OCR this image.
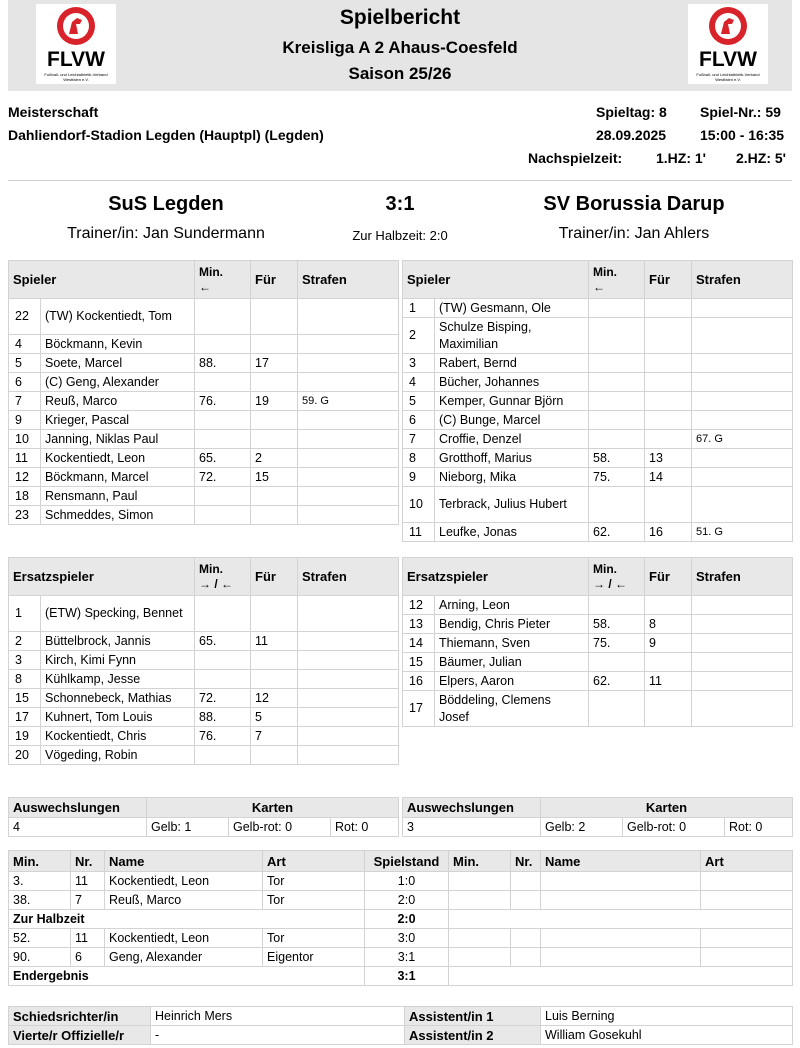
FLVW
Fußball- und Leichtathletik-Verband
Westfalen e.V.
Spielbericht
Kreisliga A 2 Ahaus-Coesfeld
Saison 25/26
FLVW
Fußball- und Leichtathletik-Verband
Westfalen e.V.
Meisterschaft
Dahliendorf-Stadion Legden (Hauptpl) (Legden)
Spieltag: 8 Spiel-Nr.: 59
28.09.2025 15:00 - 16:35
Nachspielzeit: 1.HZ: 1' 2.HZ: 5'
SuS Legden	3:1	SV Borussia Darup
Trainer/in: Jan Sundermann	Zur Halbzeit: 2:0	Trainer/in: Jan Ahlers
Spieler		Min.
←	Für	Strafen
22	(TW) Kockentiedt, Tom			
4	Böckmann, Kevin			
5	Soete, Marcel	88.	17	
6	(C) Geng, Alexander			
7	Reuß, Marco	76.	19	59. G
9	Krieger, Pascal			
10	Janning, Niklas Paul			
11	Kockentiedt, Leon	65.	2	
12	Böckmann, Marcel	72.	15	
18	Rensmann, Paul			
23	Schmeddes, Simon			
Spieler		Min.
←	Für	Strafen
1	(TW) Gesmann, Ole			
2	Schulze Bisping, Maximilian			
3	Rabert, Bernd			
4	Bücher, Johannes			
5	Kemper, Gunnar Björn			
6	(C) Bunge, Marcel			
7	Croffie, Denzel			67. G
8	Grotthoff, Marius	58.	13	
9	Nieborg, Mika	75.	14	
10	Terbrack, Julius Hubert			
11	Leufke, Jonas	62.	16	51. G
Ersatzspieler		Min.
→ / ←	Für	Strafen
1	(ETW) Specking, Bennet			
2	Büttelbrock, Jannis	65.	11	
3	Kirch, Kimi Fynn			
8	Kühlkamp, Jesse			
15	Schonnebeck, Mathias	72.	12	
17	Kuhnert, Tom Louis	88.	5	
19	Kockentiedt, Chris	76.	7	
20	Vögeding, Robin			
Ersatzspieler		Min.
→ / ←	Für	Strafen
12	Arning, Leon			
13	Bendig, Chris Pieter	58.	8	
14	Thiemann, Sven	75.	9	
15	Bäumer, Julian			
16	Elpers, Aaron	62.	11	
17	Böddeling, Clemens Josef			
Auswechslungen	Karten		
4	Gelb: 1	Gelb-rot: 0	Rot: 0
Auswechslungen	Karten		
3	Gelb: 2	Gelb-rot: 0	Rot: 0
Min.	Nr.	Name	Art	Spielstand	Min.	Nr.	Name	Art
3.	11	Kockentiedt, Leon	Tor	1:0				
38.	7	Reuß, Marco	Tor	2:0				
Zur Halbzeit				2:0				
52.	11	Kockentiedt, Leon	Tor	3:0				
90.	6	Geng, Alexander	Eigentor	3:1				
Endergebnis				3:1				
Schiedsrichter/in	Heinrich Mers	Assistent/in 1	Luis Berning
Vierte/r Offizielle/r	-	Assistent/in 2	William Gosekuhl
